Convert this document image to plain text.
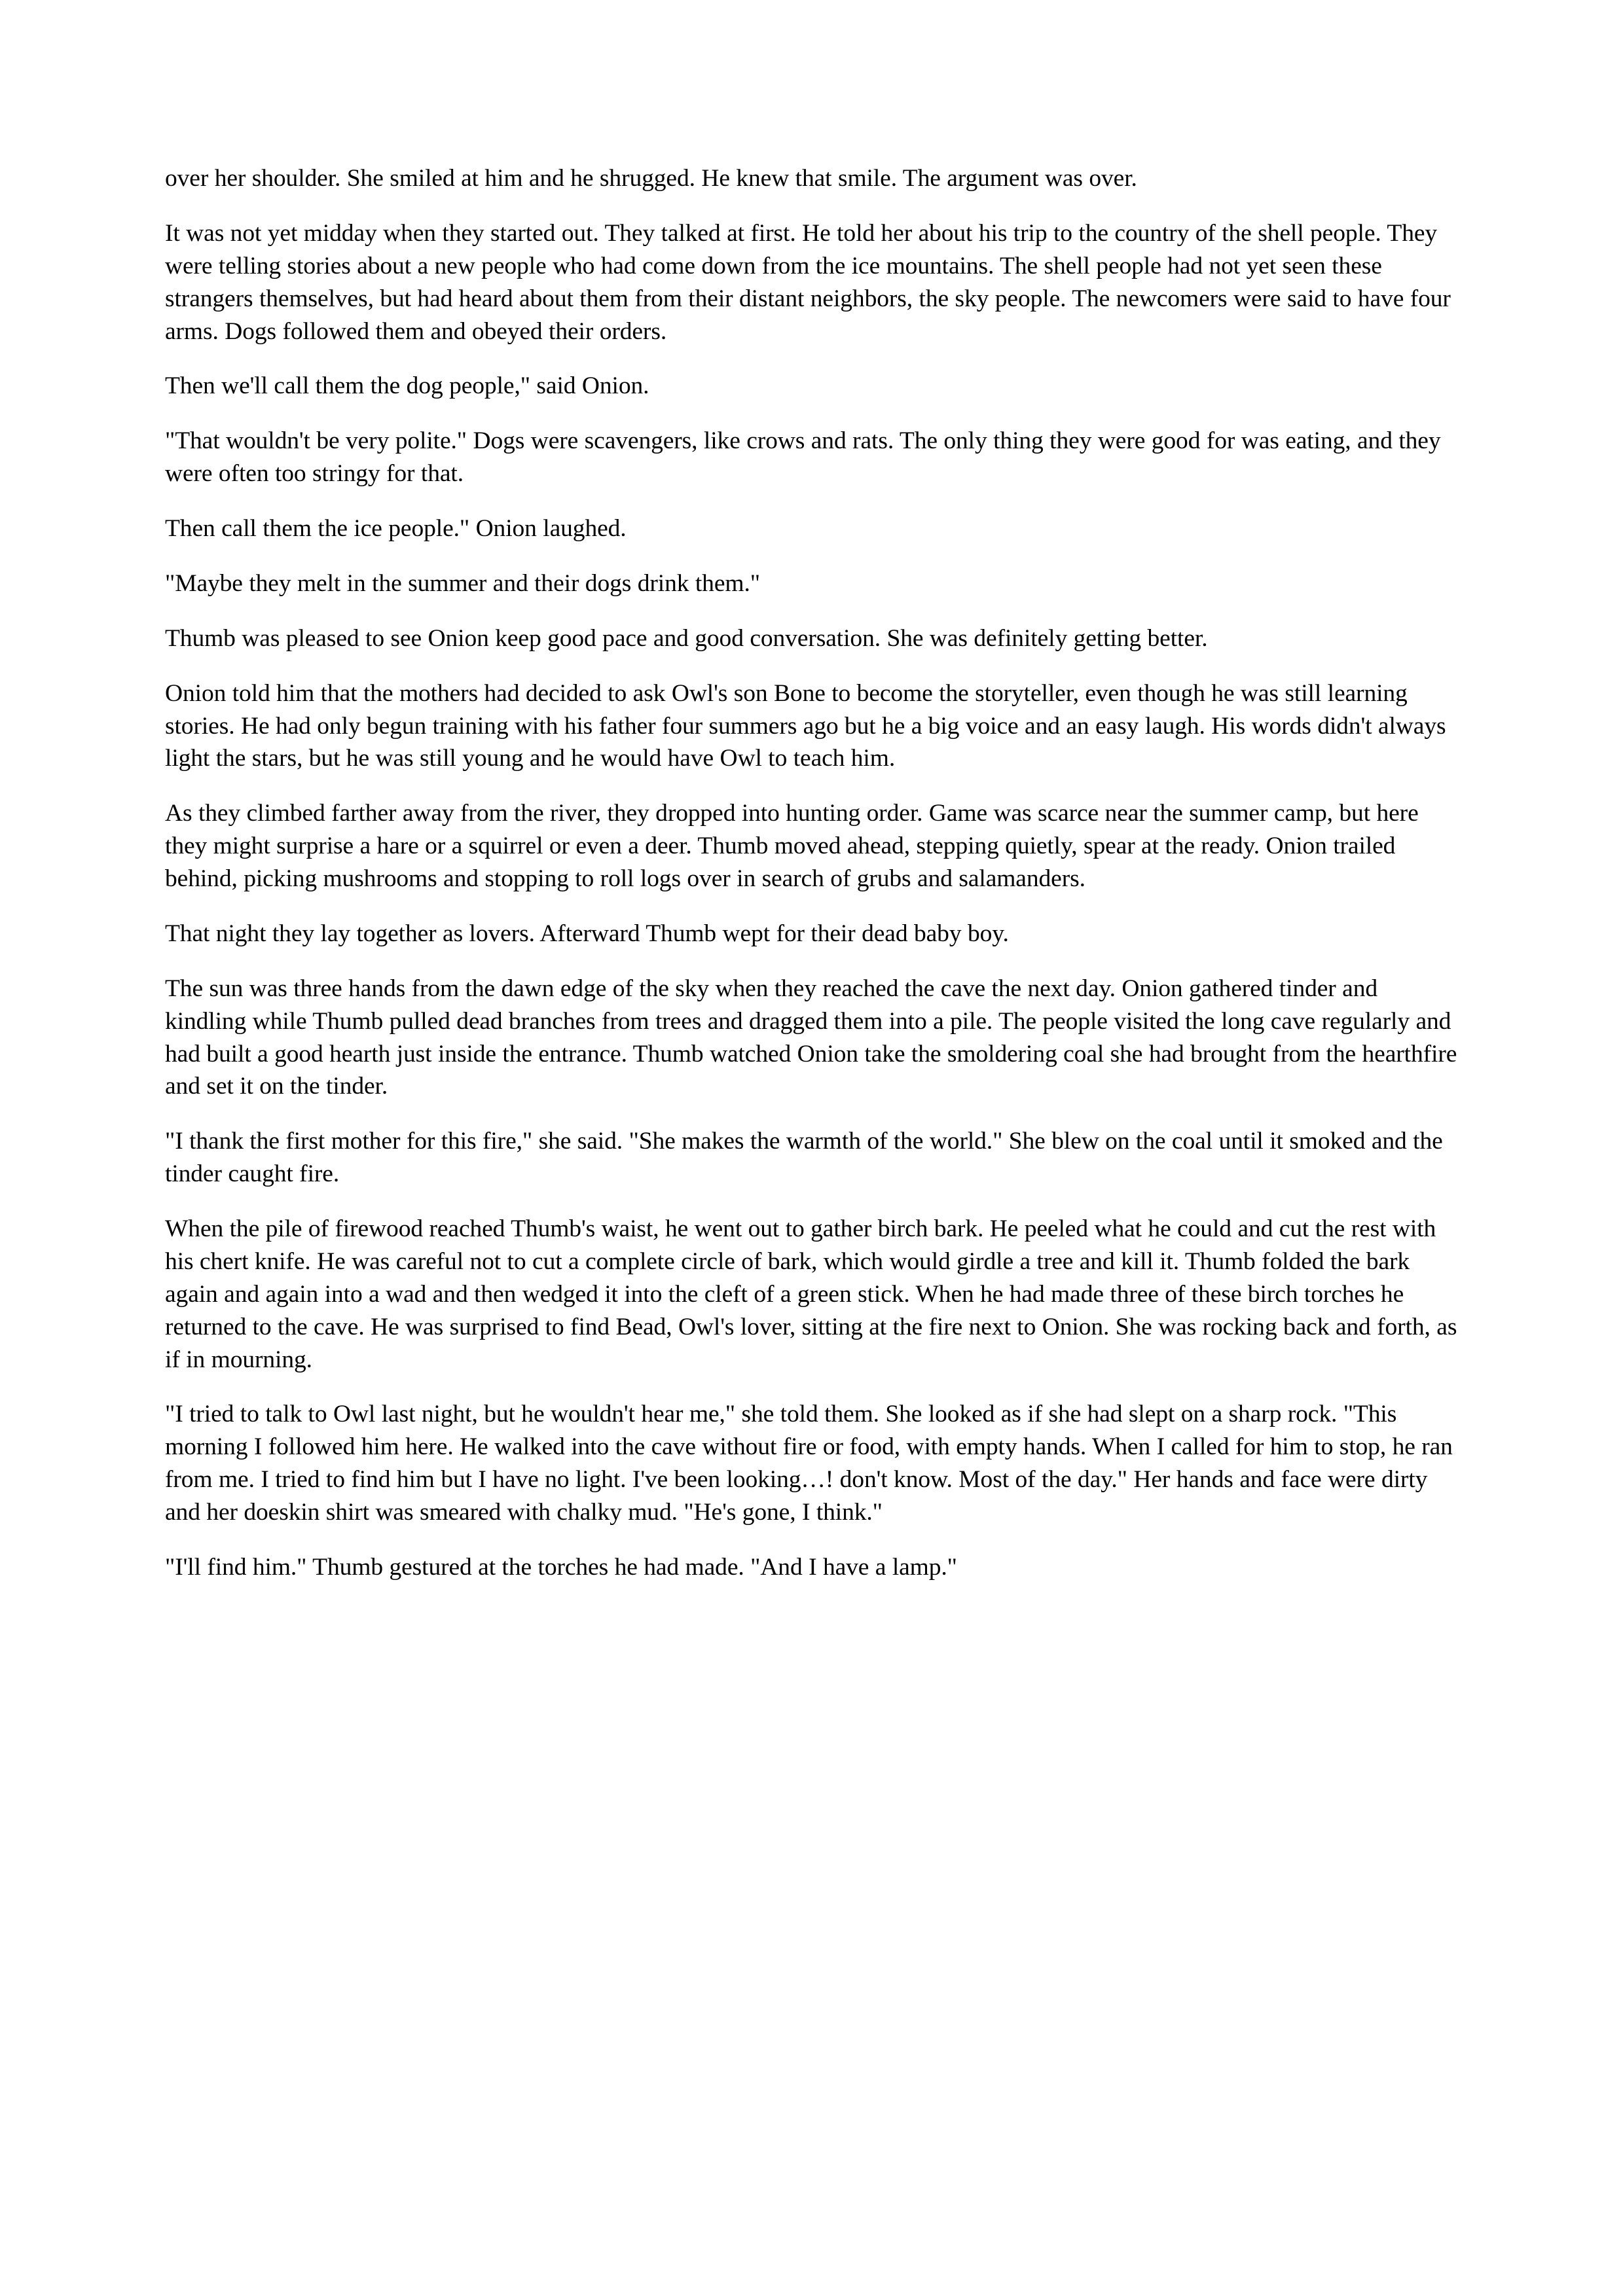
over her shoulder. She smiled at him and he shrugged. He knew that smile. The argument was over.

It was not yet midday when they started out. They talked at first. He told her about his trip to the country of the shell people. They were telling stories about a new people who had come down from the ice mountains. The shell people had not yet seen these strangers themselves, but had heard about them from their distant neighbors, the sky people. The newcomers were said to have four arms. Dogs followed them and obeyed their orders.

Then we'll call them the dog people," said Onion.

"That wouldn't be very polite." Dogs were scavengers, like crows and rats. The only thing they were good for was eating, and they were often too stringy for that.

Then call them the ice people." Onion laughed.

"Maybe they melt in the summer and their dogs drink them."

Thumb was pleased to see Onion keep good pace and good conversation. She was definitely getting better.

Onion told him that the mothers had decided to ask Owl's son Bone to become the storyteller, even though he was still learning stories. He had only begun training with his father four summers ago but he a big voice and an easy laugh. His words didn't always light the stars, but he was still young and he would have Owl to teach him.

As they climbed farther away from the river, they dropped into hunting order. Game was scarce near the summer camp, but here they might surprise a hare or a squirrel or even a deer. Thumb moved ahead, stepping quietly, spear at the ready. Onion trailed behind, picking mushrooms and stopping to roll logs over in search of grubs and salamanders.

That night they lay together as lovers. Afterward Thumb wept for their dead baby boy.

The sun was three hands from the dawn edge of the sky when they reached the cave the next day. Onion gathered tinder and kindling while Thumb pulled dead branches from trees and dragged them into a pile. The people visited the long cave regularly and had built a good hearth just inside the entrance. Thumb watched Onion take the smoldering coal she had brought from the hearthfire and set it on the tinder.

"I thank the first mother for this fire," she said. "She makes the warmth of the world." She blew on the coal until it smoked and the tinder caught fire.

When the pile of firewood reached Thumb's waist, he went out to gather birch bark. He peeled what he could and cut the rest with his chert knife. He was careful not to cut a complete circle of bark, which would girdle a tree and kill it. Thumb folded the bark again and again into a wad and then wedged it into the cleft of a green stick. When he had made three of these birch torches he returned to the cave. He was surprised to find Bead, Owl's lover, sitting at the fire next to Onion. She was rocking back and forth, as if in mourning.

"I tried to talk to Owl last night, but he wouldn't hear me," she told them. She looked as if she had slept on a sharp rock. "This morning I followed him here. He walked into the cave without fire or food, with empty hands. When I called for him to stop, he ran from me. I tried to find him but I have no light. I've been looking…! don't know. Most of the day." Her hands and face were dirty and her doeskin shirt was smeared with chalky mud. "He's gone, I think."

"I'll find him." Thumb gestured at the torches he had made. "And I have a lamp."
